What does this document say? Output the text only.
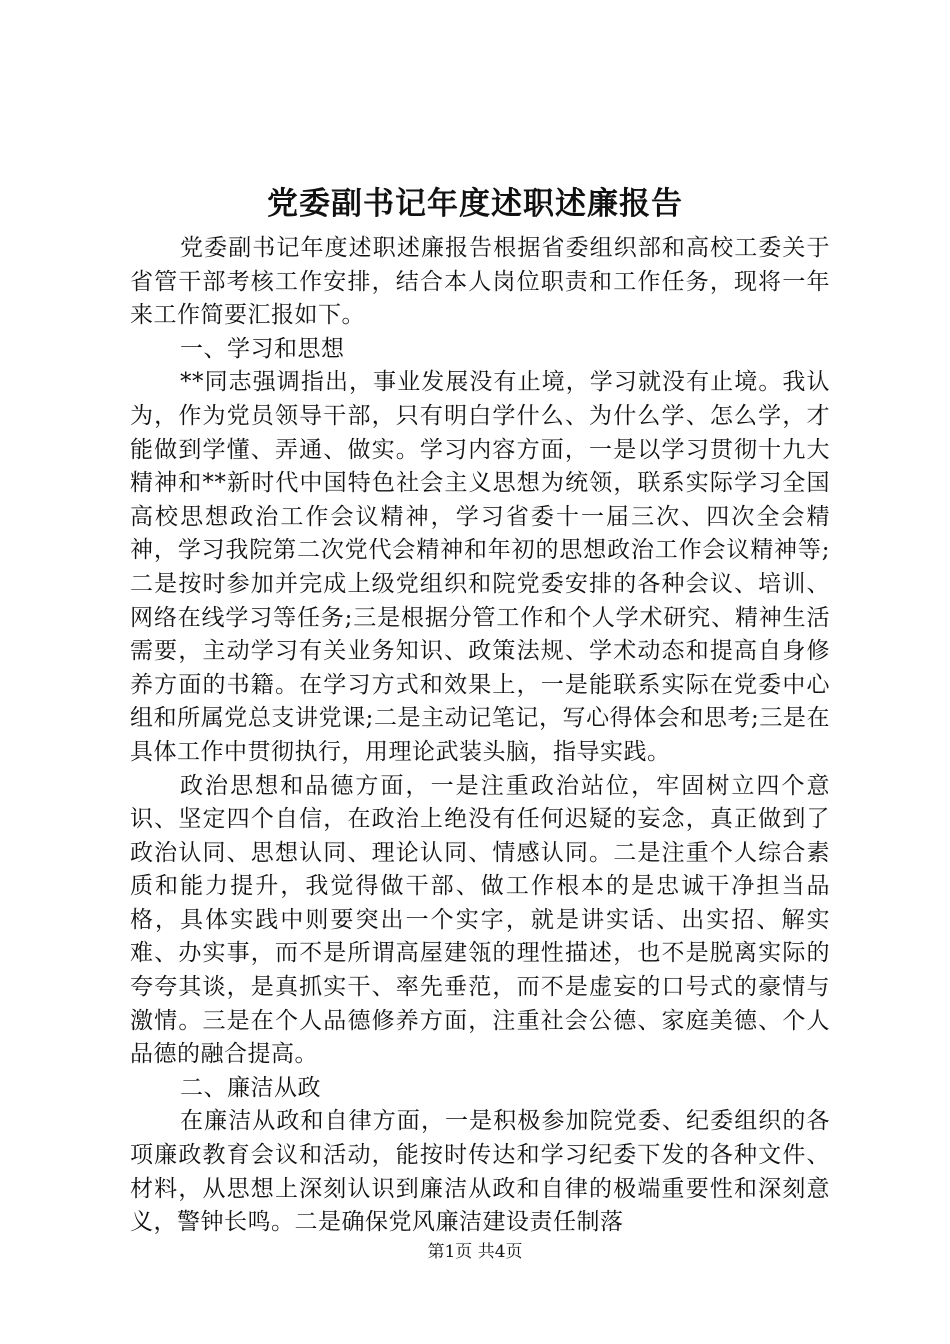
党委副书记年度述职述廉报告

党委副书记年度述职述廉报告根据省委组织部和高校工委关于省管干部考核工作安排，结合本人岗位职责和工作任务，现将一年来工作简要汇报如下。

一、学习和思想

**同志强调指出，事业发展没有止境，学习就没有止境。我认为，作为党员领导干部，只有明白学什么、为什么学、怎么学，才能做到学懂、弄通、做实。学习内容方面，一是以学习贯彻十九大精神和**新时代中国特色社会主义思想为统领，联系实际学习全国高校思想政治工作会议精神，学习省委十一届三次、四次全会精神，学习我院第二次党代会精神和年初的思想政治工作会议精神等;二是按时参加并完成上级党组织和院党委安排的各种会议、培训、网络在线学习等任务;三是根据分管工作和个人学术研究、精神生活需要，主动学习有关业务知识、政策法规、学术动态和提高自身修养方面的书籍。在学习方式和效果上，一是能联系实际在党委中心组和所属党总支讲党课;二是主动记笔记，写心得体会和思考;三是在具体工作中贯彻执行，用理论武装头脑，指导实践。

政治思想和品德方面，一是注重政治站位，牢固树立四个意识、坚定四个自信，在政治上绝没有任何迟疑的妄念，真正做到了政治认同、思想认同、理论认同、情感认同。二是注重个人综合素质和能力提升，我觉得做干部、做工作根本的是忠诚干净担当品格，具体实践中则要突出一个实字，就是讲实话、出实招、解实难、办实事，而不是所谓高屋建瓴的理性描述，也不是脱离实际的夸夸其谈，是真抓实干、率先垂范，而不是虚妄的口号式的豪情与激情。三是在个人品德修养方面，注重社会公德、家庭美德、个人品德的融合提高。

二、廉洁从政

在廉洁从政和自律方面，一是积极参加院党委、纪委组织的各项廉政教育会议和活动，能按时传达和学习纪委下发的各种文件、材料，从思想上深刻认识到廉洁从政和自律的极端重要性和深刻意义，警钟长鸣。二是确保党风廉洁建设责任制落

第1页 共4页
